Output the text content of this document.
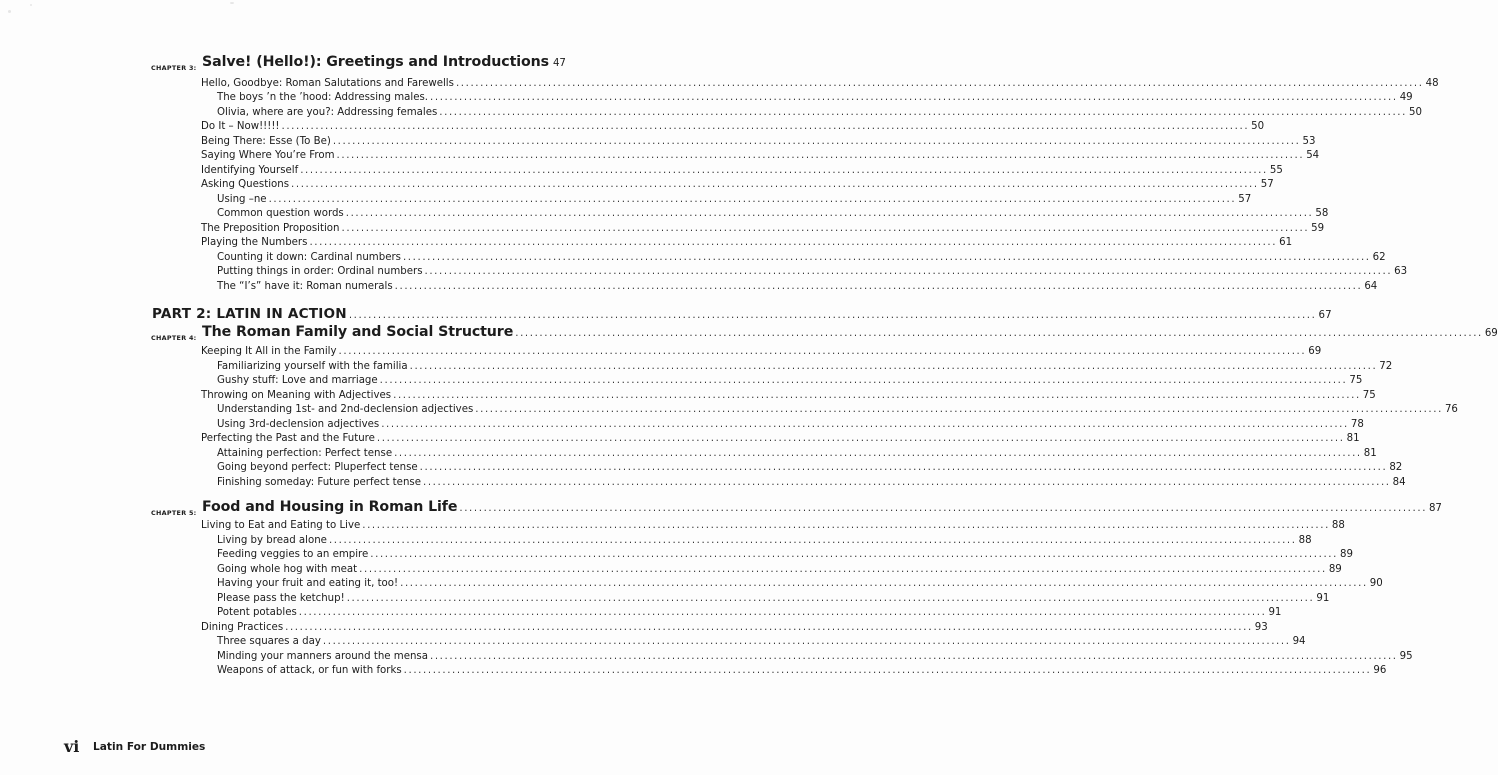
CHAPTER 3: Salve! (Hello!): Greetings and Introductions 47
Hello, Goodbye: Roman Salutations and Farewells ........................................................................................................................................................................................................ 48
The boys ’n the ’hood: Addressing males. ........................................................................................................................................................................................................ 49
Olivia, where are you?: Addressing females ........................................................................................................................................................................................................ 50
Do It – Now!!!!! ........................................................................................................................................................................................................ 50
Being There: Esse (To Be) ........................................................................................................................................................................................................ 53
Saying Where You’re From ........................................................................................................................................................................................................ 54
Identifying Yourself ........................................................................................................................................................................................................ 55
Asking Questions ........................................................................................................................................................................................................ 57
Using –ne ........................................................................................................................................................................................................ 57
Common question words ........................................................................................................................................................................................................ 58
The Preposition Proposition ........................................................................................................................................................................................................ 59
Playing the Numbers ........................................................................................................................................................................................................ 61
Counting it down: Cardinal numbers ........................................................................................................................................................................................................ 62
Putting things in order: Ordinal numbers ........................................................................................................................................................................................................ 63
The “I’s” have it: Roman numerals ........................................................................................................................................................................................................ 64
PART 2: LATIN IN ACTION ........................................................................................................................................................................................................ 67
CHAPTER 4: The Roman Family and Social Structure ........................................................................................................................................................................................................ 69
Keeping It All in the Family ........................................................................................................................................................................................................ 69
Familiarizing yourself with the familia ........................................................................................................................................................................................................ 72
Gushy stuff: Love and marriage ........................................................................................................................................................................................................ 75
Throwing on Meaning with Adjectives ........................................................................................................................................................................................................ 75
Understanding 1st- and 2nd-declension adjectives ........................................................................................................................................................................................................ 76
Using 3rd-declension adjectives ........................................................................................................................................................................................................ 78
Perfecting the Past and the Future ........................................................................................................................................................................................................ 81
Attaining perfection: Perfect tense ........................................................................................................................................................................................................ 81
Going beyond perfect: Pluperfect tense ........................................................................................................................................................................................................ 82
Finishing someday: Future perfect tense ........................................................................................................................................................................................................ 84
CHAPTER 5: Food and Housing in Roman Life ........................................................................................................................................................................................................ 87
Living to Eat and Eating to Live ........................................................................................................................................................................................................ 88
Living by bread alone ........................................................................................................................................................................................................ 88
Feeding veggies to an empire ........................................................................................................................................................................................................ 89
Going whole hog with meat ........................................................................................................................................................................................................ 89
Having your fruit and eating it, too! ........................................................................................................................................................................................................ 90
Please pass the ketchup! ........................................................................................................................................................................................................ 91
Potent potables ........................................................................................................................................................................................................ 91
Dining Practices ........................................................................................................................................................................................................ 93
Three squares a day ........................................................................................................................................................................................................ 94
Minding your manners around the mensa ........................................................................................................................................................................................................ 95
Weapons of attack, or fun with forks ........................................................................................................................................................................................................ 96
vi Latin For Dummies
